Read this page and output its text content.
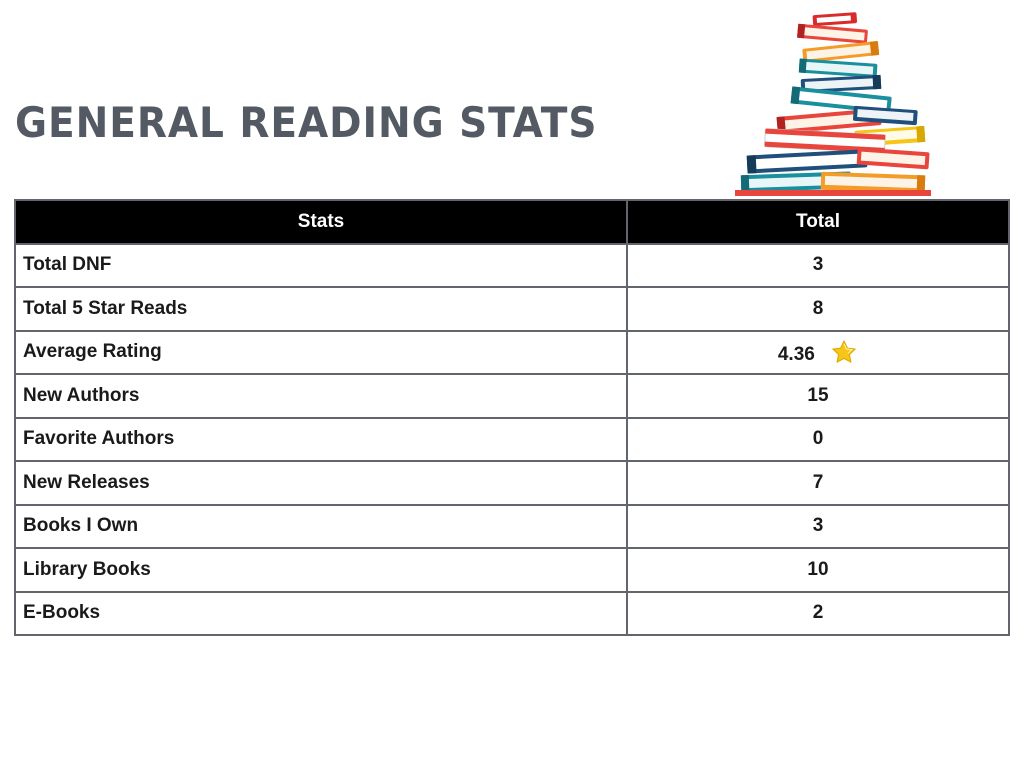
GENERAL READING STATS
Stats	Total
Total DNF	3
Total 5 Star Reads	8
Average Rating	4.36
New Authors	15
Favorite Authors	0
New Releases	7
Books I Own	3
Library Books	10
E-Books	2
